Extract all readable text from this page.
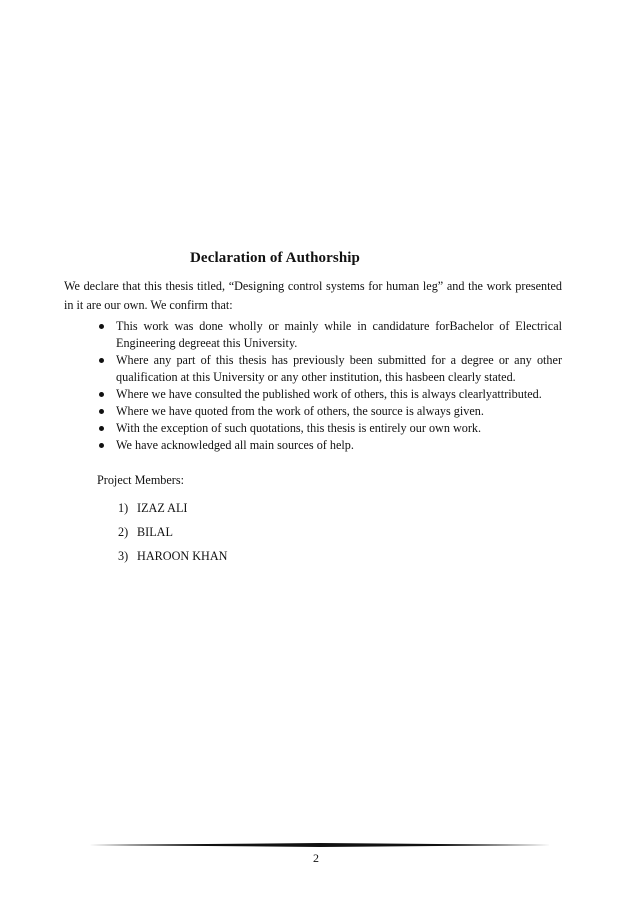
Declaration of Authorship
We declare that this thesis titled, “Designing control systems for human leg” and the work presented in it are our own. We confirm that:
This work was done wholly or mainly while in candidature forBachelor of Electrical Engineering degreeat this University.
Where any part of this thesis has previously been submitted for a degree or any other qualification at this University or any other institution, this hasbeen clearly stated.
Where we have consulted the published work of others, this is always clearlyattributed.
Where we have quoted from the work of others, the source is always given.
With the exception of such quotations, this thesis is entirely our own work.
We have acknowledged all main sources of help.
Project Members:
1) IZAZ ALI
2) BILAL
3) HAROON KHAN
2
